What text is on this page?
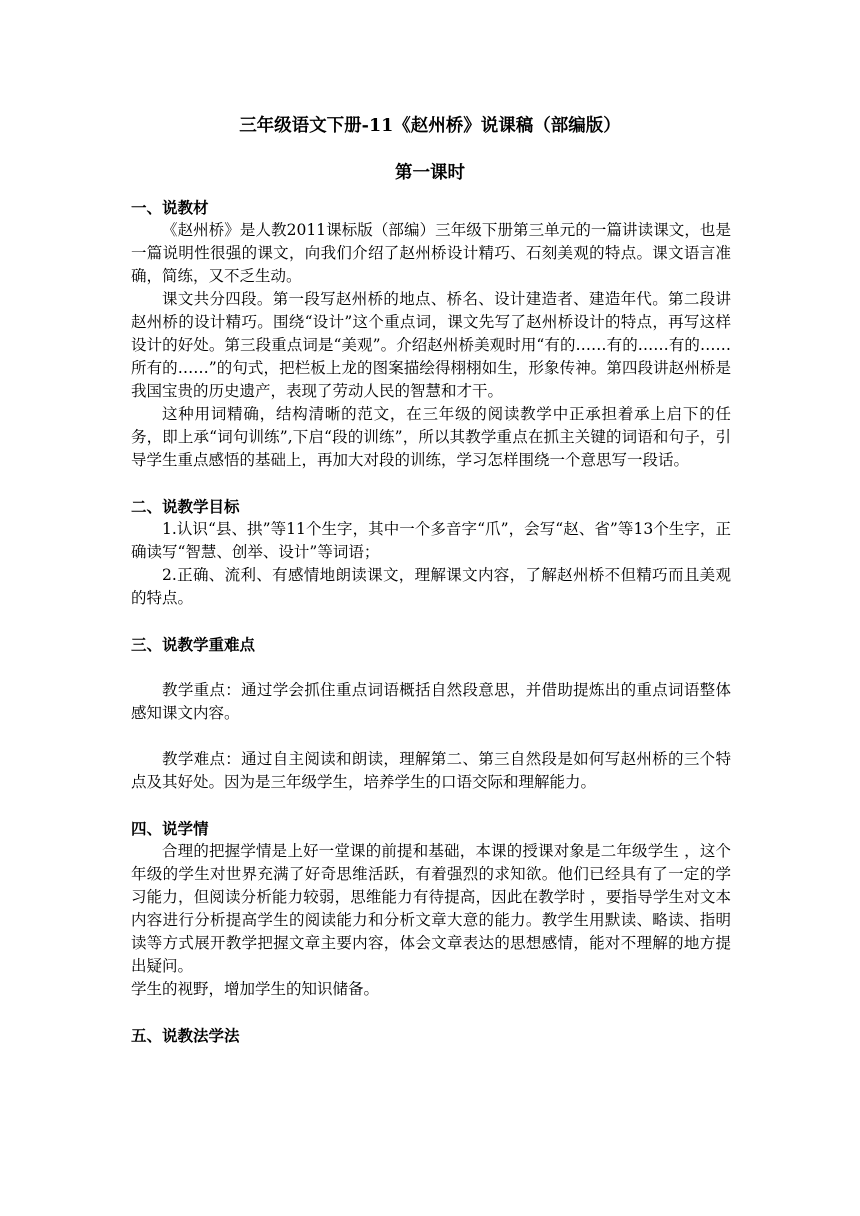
三年级语文下册-11《赵州桥》说课稿（部编版）
第一课时
一、说教材

《赵州桥》是人教2011课标版（部编）三年级下册第三单元的一篇讲读课文，也是一篇说明性很强的课文，向我们介绍了赵州桥设计精巧、石刻美观的特点。课文语言准确，简练，又不乏生动。

课文共分四段。第一段写赵州桥的地点、桥名、设计建造者、建造年代。第二段讲赵州桥的设计精巧。围绕“设计”这个重点词，课文先写了赵州桥设计的特点，再写这样设计的好处。第三段重点词是“美观”。介绍赵州桥美观时用“有的……有的……有的……所有的……”的句式，把栏板上龙的图案描绘得栩栩如生，形象传神。第四段讲赵州桥是我国宝贵的历史遗产，表现了劳动人民的智慧和才干。

这种用词精确，结构清晰的范文，在三年级的阅读教学中正承担着承上启下的任务，即上承“词句训练”,下启“段的训练”，所以其教学重点在抓主关键的词语和句子，引导学生重点感悟的基础上，再加大对段的训练，学习怎样围绕一个意思写一段话。

二、说教学目标

1.认识“县、拱”等11个生字，其中一个多音字“爪”，会写“赵、省”等13个生字，正确读写“智慧、创举、设计”等词语；

2.正确、流利、有感情地朗读课文，理解课文内容，了解赵州桥不但精巧而且美观的特点。

三、说教学重难点

教学重点：通过学会抓住重点词语概括自然段意思，并借助提炼出的重点词语整体感知课文内容。

教学难点：通过自主阅读和朗读，理解第二、第三自然段是如何写赵州桥的三个特点及其好处。因为是三年级学生，培养学生的口语交际和理解能力。

四、说学情

合理的把握学情是上好一堂课的前提和基础，本课的授课对象是二年级学生 ，这个年级的学生对世界充满了好奇思维活跃，有着强烈的求知欲。他们已经具有了一定的学习能力，但阅读分析能力较弱，思维能力有待提高，因此在教学时 ，要指导学生对文本内容进行分析提高学生的阅读能力和分析文章大意的能力。教学生用默读、略读、指明读等方式展开教学把握文章主要内容，体会文章表达的思想感情，能对不理解的地方提出疑问。

学生的视野，增加学生的知识储备。

五、说教法学法
